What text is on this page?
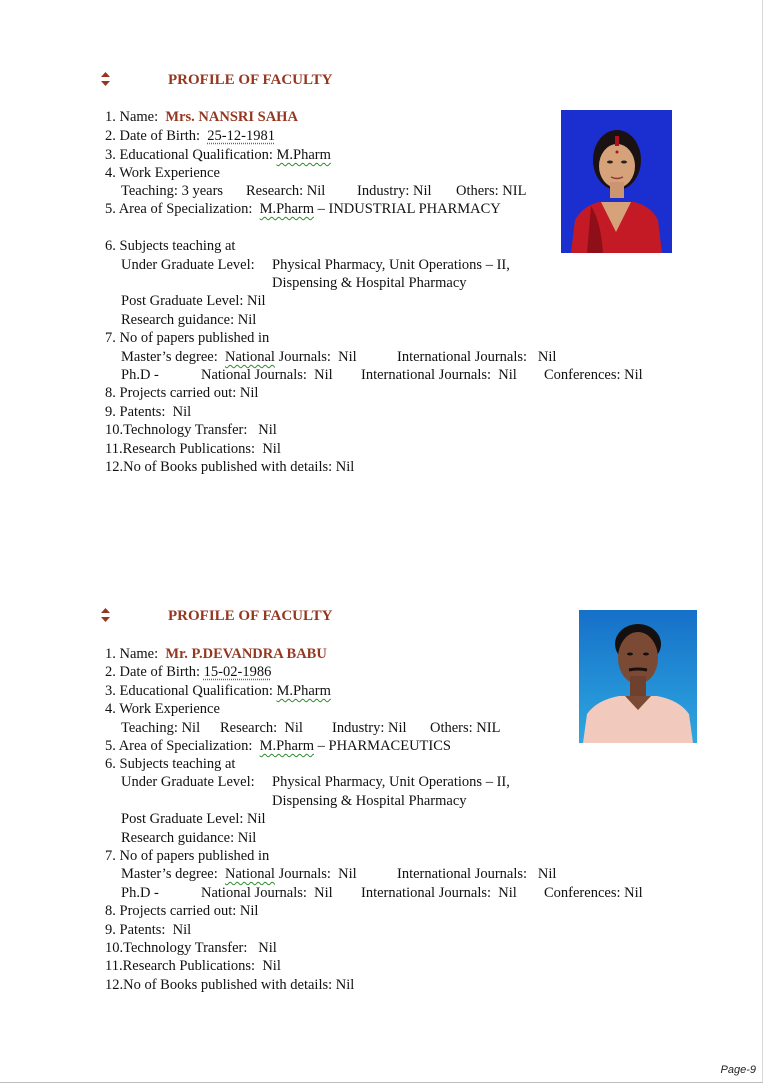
PROFILE OF FACULTY
1. Name: Mrs. NANSRI SAHA
2. Date of Birth: 25-12-1981
3. Educational Qualification: M.Pharm
4. Work Experience
Teaching: 3 years Research: Nil Industry: Nil Others: NIL
5. Area of Specialization: M.Pharm – INDUSTRIAL PHARMACY
6. Subjects teaching at
Under Graduate Level: Physical Pharmacy, Unit Operations – II,
Dispensing & Hospital Pharmacy
Post Graduate Level: Nil
Research guidance: Nil
7. No of papers published in
Master’s degree: National Journals:  Nil	International Journals:   Nil
Ph.D -	National Journals:  Nil International Journals:  Nil Conferences: Nil
8. Projects carried out: Nil
9. Patents:  Nil
10.Technology Transfer:   Nil
11.Research Publications:  Nil
12.No of Books published with details: Nil
PROFILE OF FACULTY
1. Name: Mr. P.DEVANDRA BABU
2. Date of Birth: 15-02-1986
3. Educational Qualification: M.Pharm
4. Work Experience
Teaching: Nil Research:  Nil Industry: Nil Others: NIL
5. Area of Specialization: M.Pharm – PHARMACEUTICS
6. Subjects teaching at
Under Graduate Level: Physical Pharmacy, Unit Operations – II,
Dispensing & Hospital Pharmacy
Post Graduate Level: Nil
Research guidance: Nil
7. No of papers published in
Master’s degree: National Journals:  Nil	International Journals:   Nil
Ph.D -	National Journals:  Nil International Journals:  Nil Conferences: Nil
8. Projects carried out: Nil
9. Patents:  Nil
10.Technology Transfer:   Nil
11.Research Publications:  Nil
12.No of Books published with details: Nil
Page-9
